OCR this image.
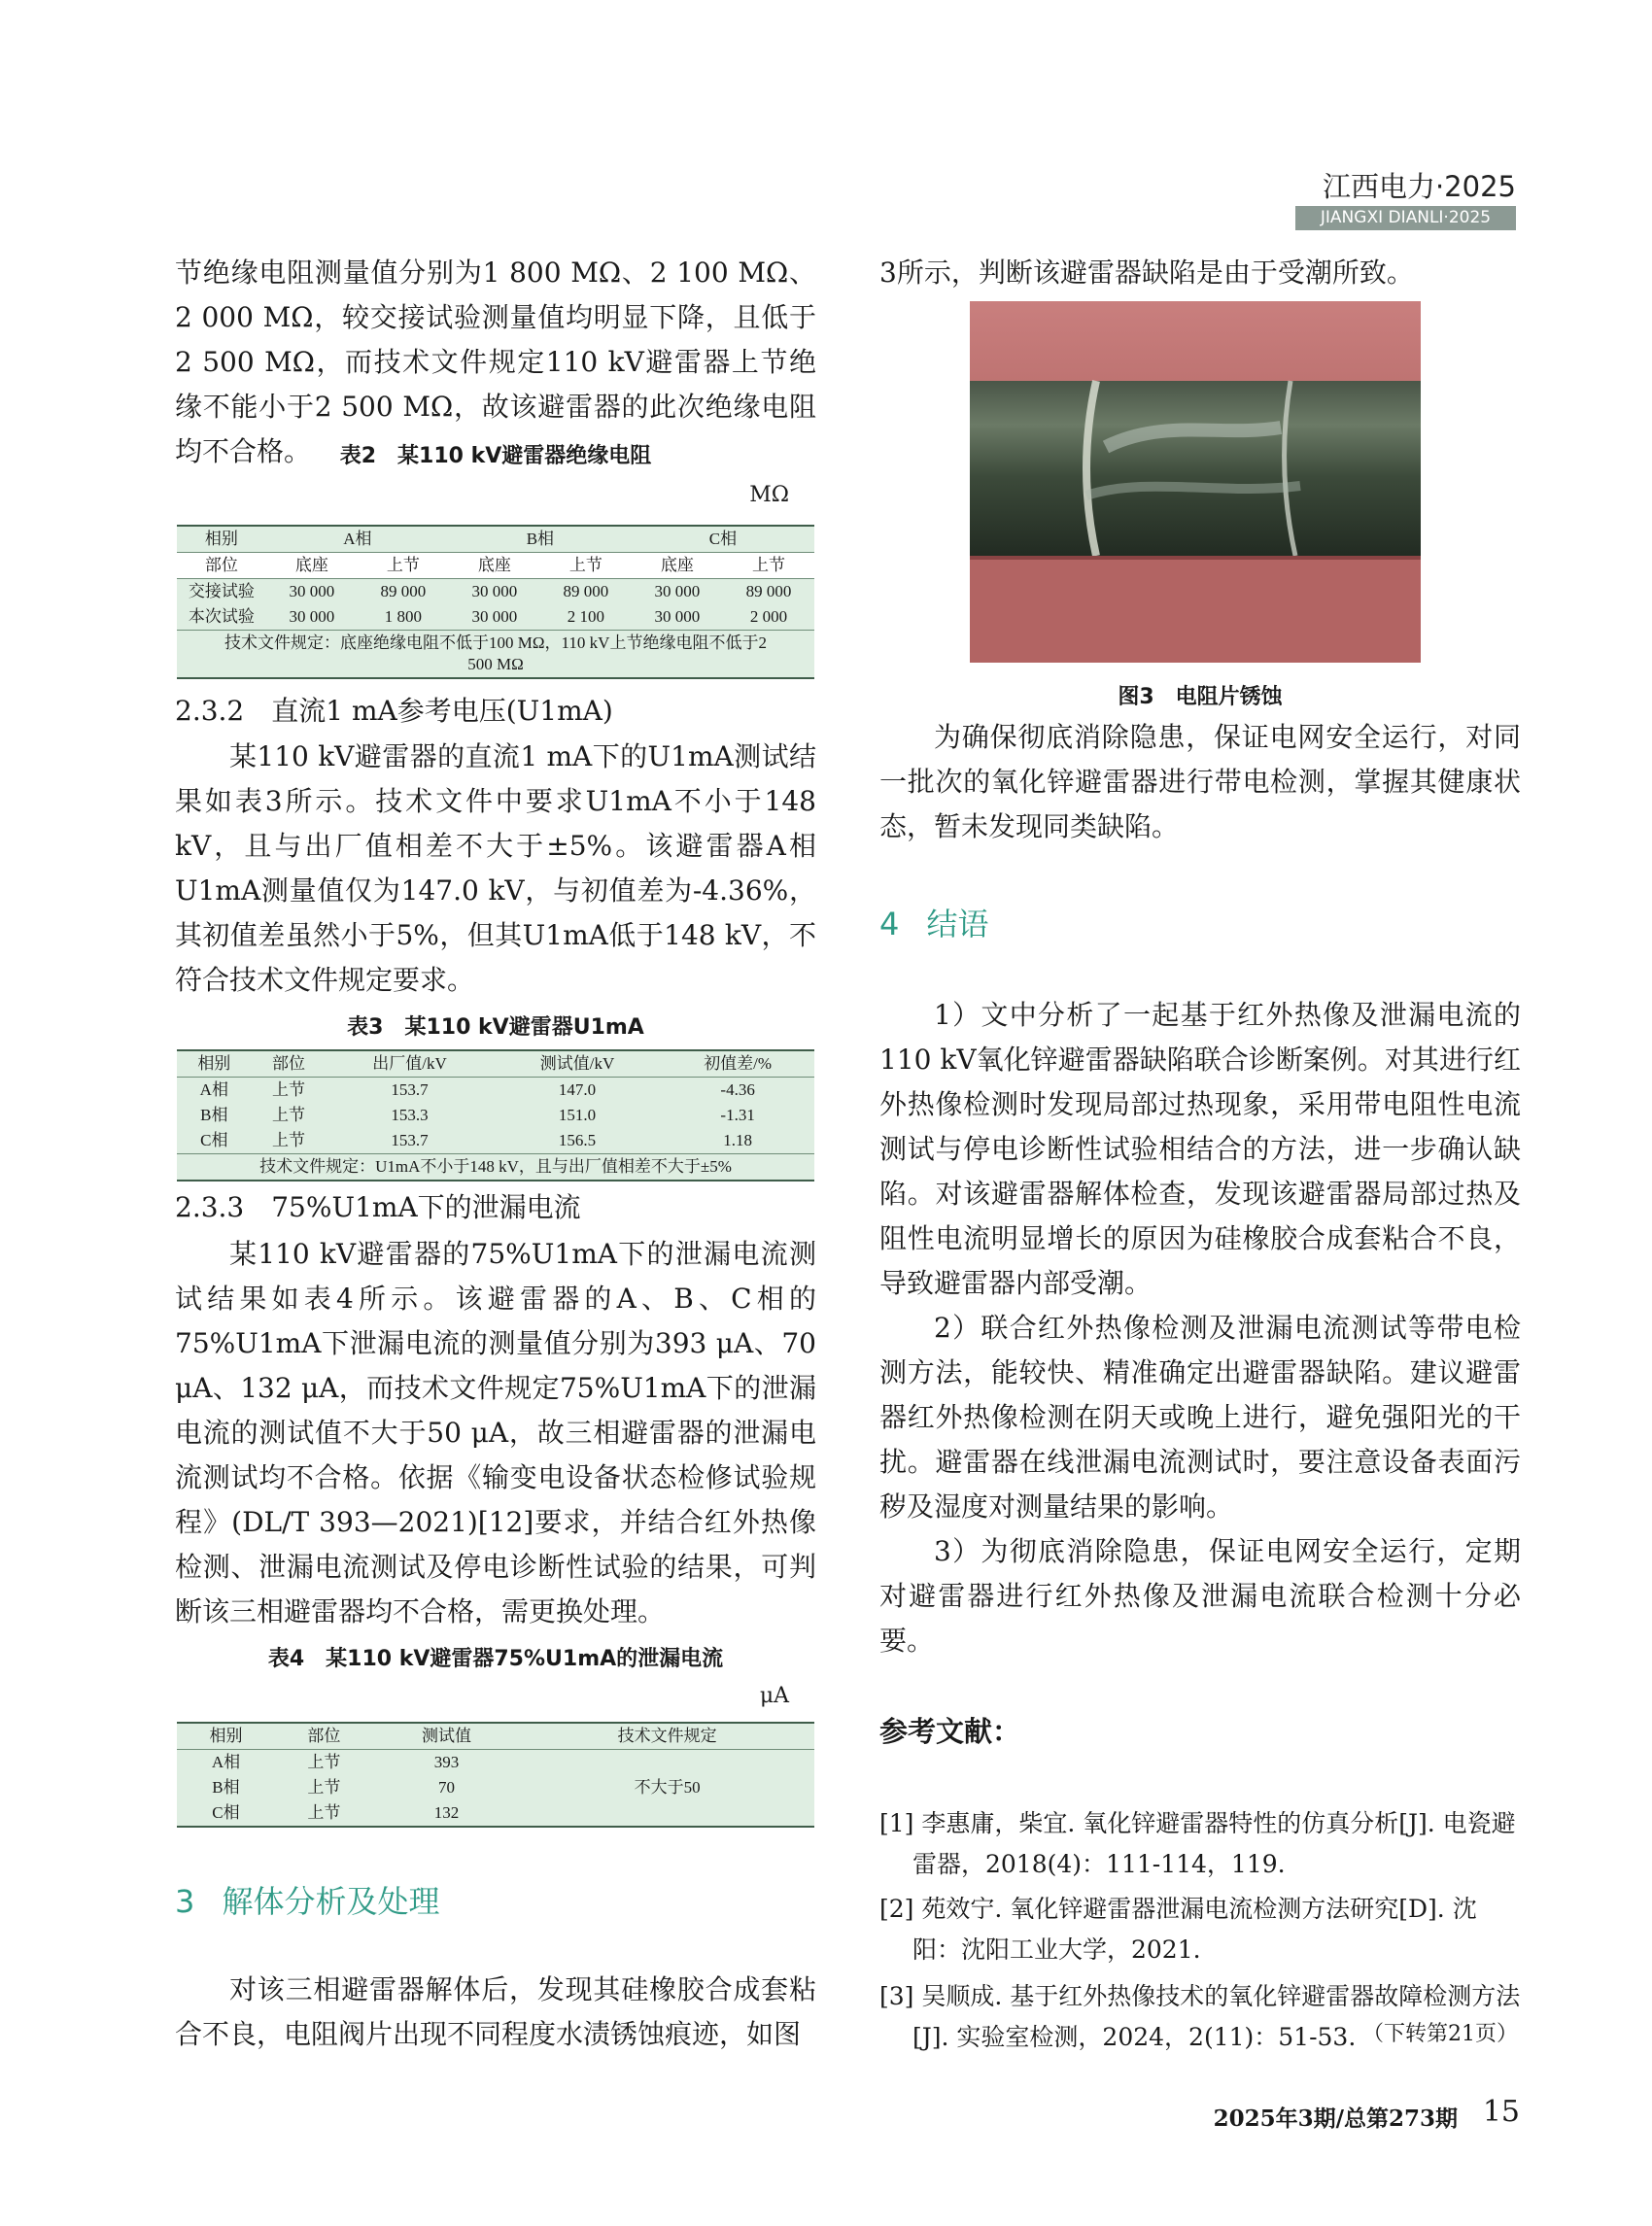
江西电力·2025
JIANGXI DIANLI·2025

节绝缘电阻测量值分别为1 800 MΩ、2 100 MΩ、2 000 MΩ，较交接试验测量值均明显下降，且低于2 500 MΩ，而技术文件规定110 kV避雷器上节绝缘不能小于2 500 MΩ，故该避雷器的此次绝缘电阻均不合格。	表2　某110 kV避雷器绝缘电阻
MΩ
相别	A相		B相		C相	
部位	底座	上节	底座	上节	底座	上节
交接试验	30 000	89 000	30 000	89 000	30 000	89 000
本次试验	30 000	1 800	30 000	2 100	30 000	2 000
技术文件规定：底座绝缘电阻不低于100 MΩ，110 kV上节绝缘电阻不低于2 500 MΩ						
2.3.2　直流1 mA参考电压(U1mA)

某110 kV避雷器的直流1 mA下的U1mA测试结果如表3所示。技术文件中要求U1mA不小于148 kV，且与出厂值相差不大于±5%。该避雷器A相U1mA测量值仅为147.0 kV，与初值差为-4.36%，其初值差虽然小于5%，但其U1mA低于148 kV，不符合技术文件规定要求。

表3　某110 kV避雷器U1mA
相别	部位	出厂值/kV	测试值/kV	初值差/%
A相	上节	153.7	147.0	-4.36
B相	上节	153.3	151.0	-1.31
C相	上节	153.7	156.5	1.18
技术文件规定：U1mA不小于148 kV，且与出厂值相差不大于±5%				
2.3.3　75%U1mA下的泄漏电流

某110 kV避雷器的75%U1mA下的泄漏电流测试结果如表4所示。该避雷器的A、B、C相的75%U1mA下泄漏电流的测量值分别为393 μA、70 μA、132 μA，而技术文件规定75%U1mA下的泄漏电流的测试值不大于50 μA，故三相避雷器的泄漏电流测试均不合格。依据《输变电设备状态检修试验规程》(DL/T 393—2021)[12]要求，并结合红外热像检测、泄漏电流测试及停电诊断性试验的结果，可判断该三相避雷器均不合格，需更换处理。

表4　某110 kV避雷器75%U1mA的泄漏电流
μA
相别	部位	测试值	技术文件规定
A相	上节	393	不大于50
B相	上节	70	
C相	上节	132	
3 解体分析及处理

对该三相避雷器解体后，发现其硅橡胶合成套粘合不良，电阻阀片出现不同程度水渍锈蚀痕迹，如图

3所示，判断该避雷器缺陷是由于受潮所致。

图3　电阻片锈蚀

为确保彻底消除隐患，保证电网安全运行，对同一批次的氧化锌避雷器进行带电检测，掌握其健康状态，暂未发现同类缺陷。

4 结语

1）文中分析了一起基于红外热像及泄漏电流的110 kV氧化锌避雷器缺陷联合诊断案例。对其进行红外热像检测时发现局部过热现象，采用带电阻性电流测试与停电诊断性试验相结合的方法，进一步确认缺陷。对该避雷器解体检查，发现该避雷器局部过热及阻性电流明显增长的原因为硅橡胶合成套粘合不良，导致避雷器内部受潮。

2）联合红外热像检测及泄漏电流测试等带电检测方法，能较快、精准确定出避雷器缺陷。建议避雷器红外热像检测在阴天或晚上进行，避免强阳光的干扰。避雷器在线泄漏电流测试时，要注意设备表面污秽及湿度对测量结果的影响。

3）为彻底消除隐患，保证电网安全运行，定期对避雷器进行红外热像及泄漏电流联合检测十分必要。

参考文献：

[1] 李惠庸，柴宜. 氧化锌避雷器特性的仿真分析[J]. 电瓷避雷器，2018(4)：111-114，119.

[2] 苑效宁. 氧化锌避雷器泄漏电流检测方法研究[D]. 沈阳：沈阳工业大学，2021.

[3] 吴顺成. 基于红外热像技术的氧化锌避雷器故障检测方法[J]. 实验室检测，2024，2(11)：51-53. （下转第21页）
2025年3期/总第273期 15
